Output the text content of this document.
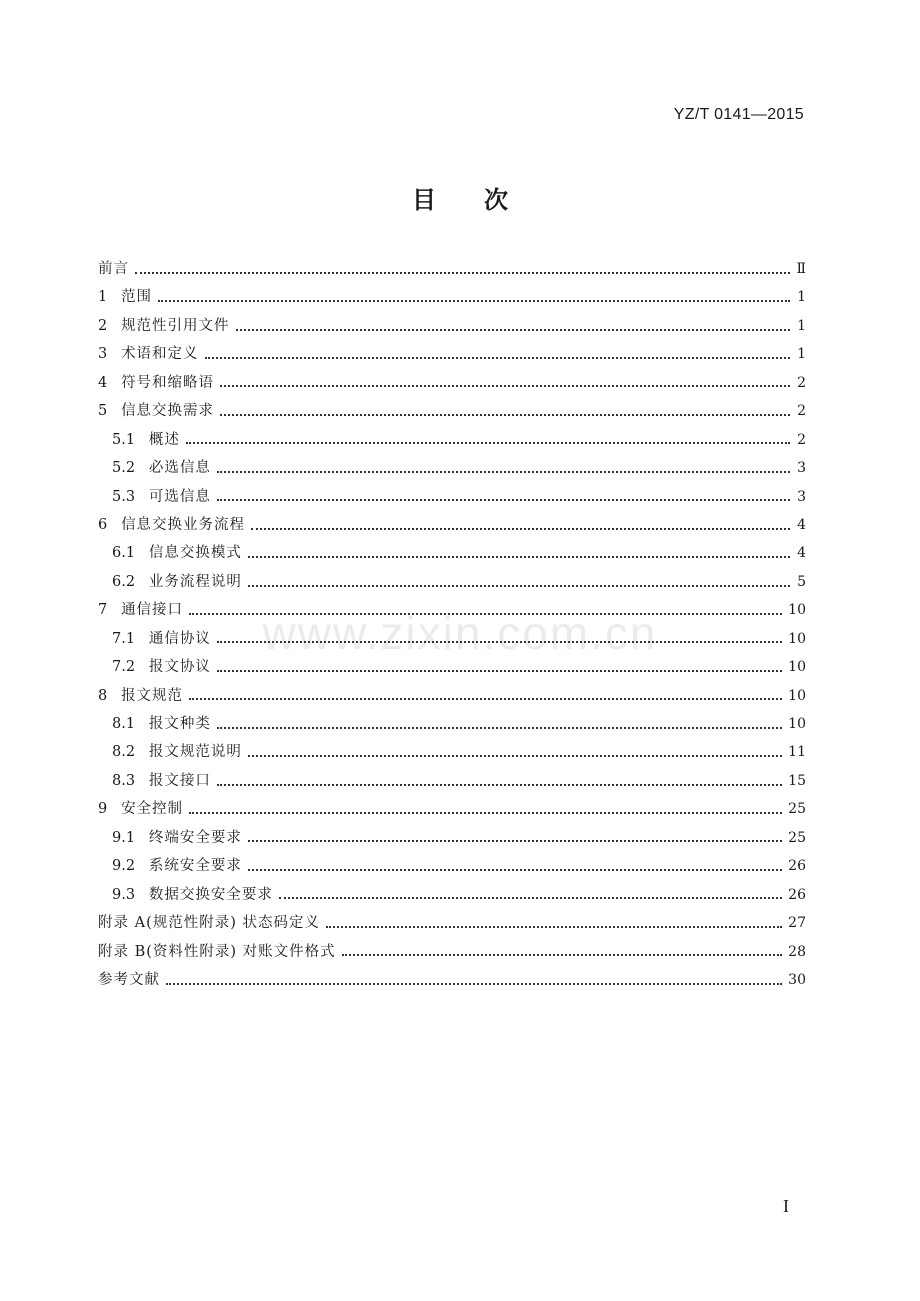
YZ/T 0141—2015
目 次
www.zixin.com.cn
前言	Ⅱ
1 范围	1
2 规范性引用文件	1
3 术语和定义	1
4 符号和缩略语	2
5 信息交换需求	2
5.1 概述	2
5.2 必选信息	3
5.3 可选信息	3
6 信息交换业务流程	4
6.1 信息交换模式	4
6.2 业务流程说明	5
7 通信接口	10
7.1 通信协议	10
7.2 报文协议	10
8 报文规范	10
8.1 报文种类	10
8.2 报文规范说明	11
8.3 报文接口	15
9 安全控制	25
9.1 终端安全要求	25
9.2 系统安全要求	26
9.3 数据交换安全要求	26
附录 A(规范性附录) 状态码定义	27
附录 B(资料性附录) 对账文件格式	28
参考文献	30
I
